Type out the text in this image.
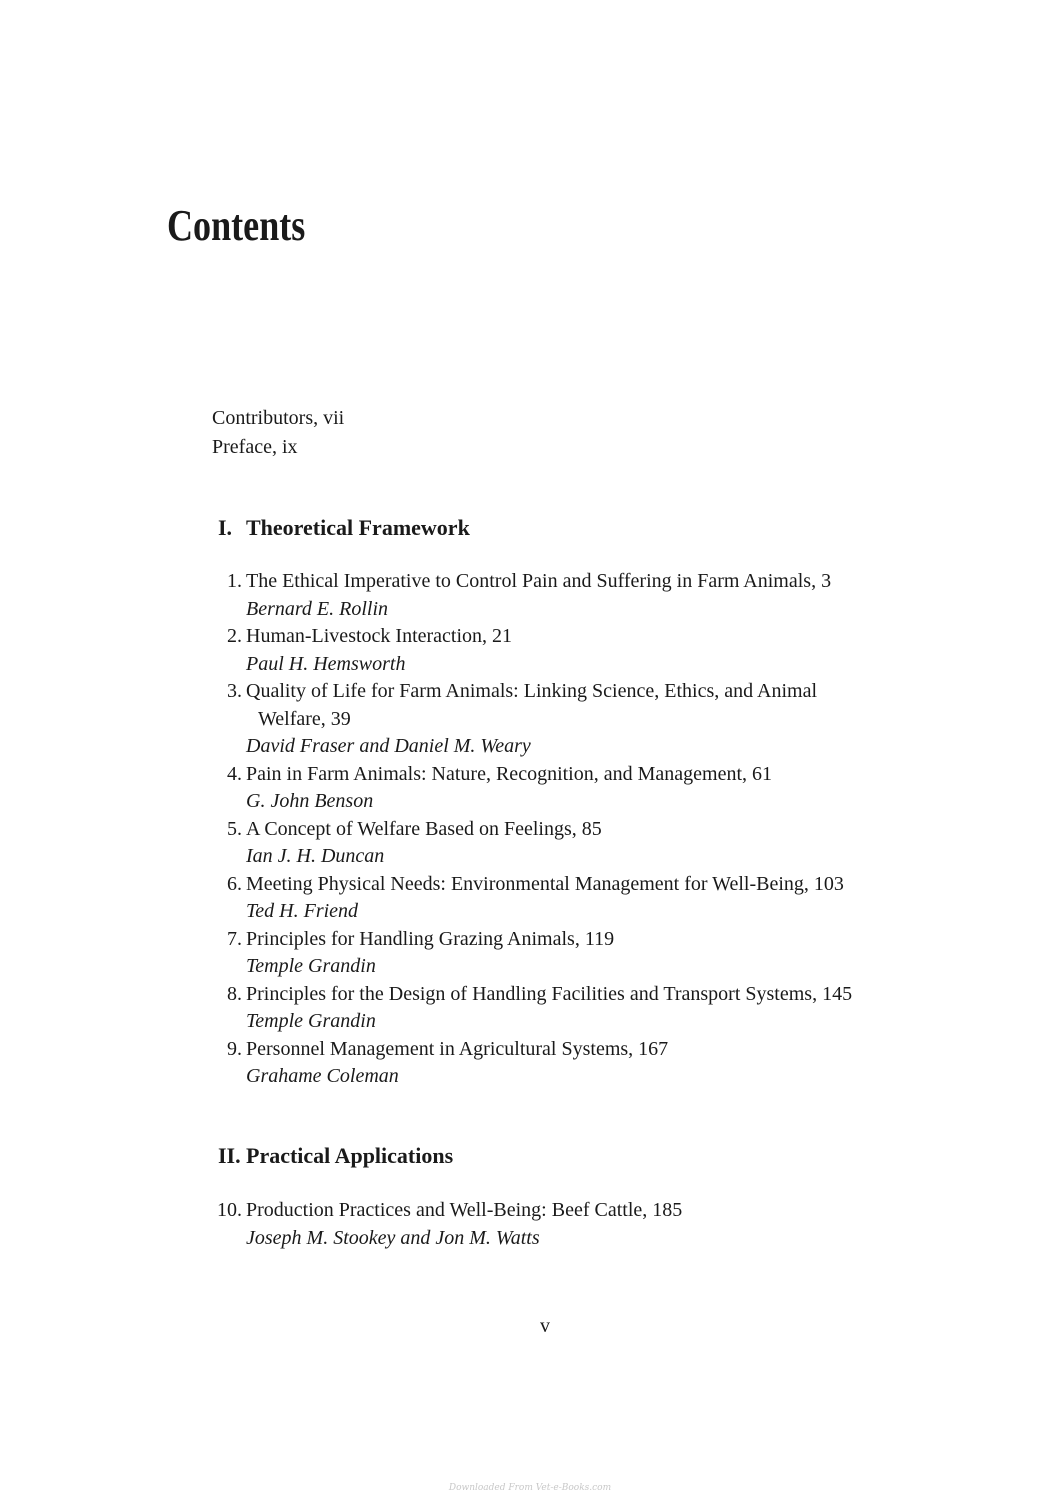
Contents
Contributors, vii
Preface, ix
I. Theoretical Framework
1. The Ethical Imperative to Control Pain and Suffering in Farm Animals, 3
Bernard E. Rollin
2. Human-Livestock Interaction, 21
Paul H. Hemsworth
3. Quality of Life for Farm Animals: Linking Science, Ethics, and Animal
Welfare, 39
David Fraser and Daniel M. Weary
4. Pain in Farm Animals: Nature, Recognition, and Management, 61
G. John Benson
5. A Concept of Welfare Based on Feelings, 85
Ian J. H. Duncan
6. Meeting Physical Needs: Environmental Management for Well-Being, 103
Ted H. Friend
7. Principles for Handling Grazing Animals, 119
Temple Grandin
8. Principles for the Design of Handling Facilities and Transport Systems, 145
Temple Grandin
9. Personnel Management in Agricultural Systems, 167
Grahame Coleman
II. Practical Applications
10. Production Practices and Well-Being: Beef Cattle, 185
Joseph M. Stookey and Jon M. Watts
v
Downloaded From Vet-e-Books.com
